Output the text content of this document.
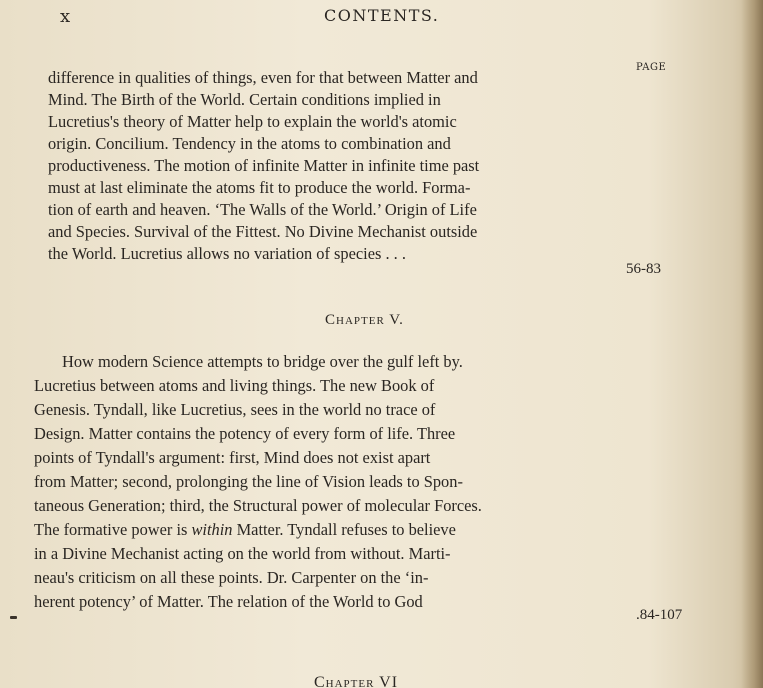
x	CONTENTS.
PAGE
difference in qualities of things, even for that between Matter and
Mind. The Birth of the World. Certain conditions implied in
Lucretius's theory of Matter help to explain the world's atomic
origin. Concilium. Tendency in the atoms to combination and
productiveness. The motion of infinite Matter in infinite time past
must at last eliminate the atoms fit to produce the world. Forma-
tion of earth and heaven. ‘The Walls of the World.’ Origin of Life
and Species. Survival of the Fittest. No Divine Mechanist outside
the World. Lucretius allows no variation of species . . .
56-83
Chapter V.
How modern Science attempts to bridge over the gulf left by.
Lucretius between atoms and living things. The new Book of
Genesis. Tyndall, like Lucretius, sees in the world no trace of
Design. Matter contains the potency of every form of life. Three
points of Tyndall's argument: first, Mind does not exist apart
from Matter; second, prolonging the line of Vision leads to Spon-
taneous Generation; third, the Structural power of molecular Forces.
The formative power is within Matter. Tyndall refuses to believe
in a Divine Mechanist acting on the world from without. Marti-
neau's criticism on all these points. Dr. Carpenter on the ‘in-
herent potency’ of Matter. The relation of the World to God
.84-107
Chapter VI
